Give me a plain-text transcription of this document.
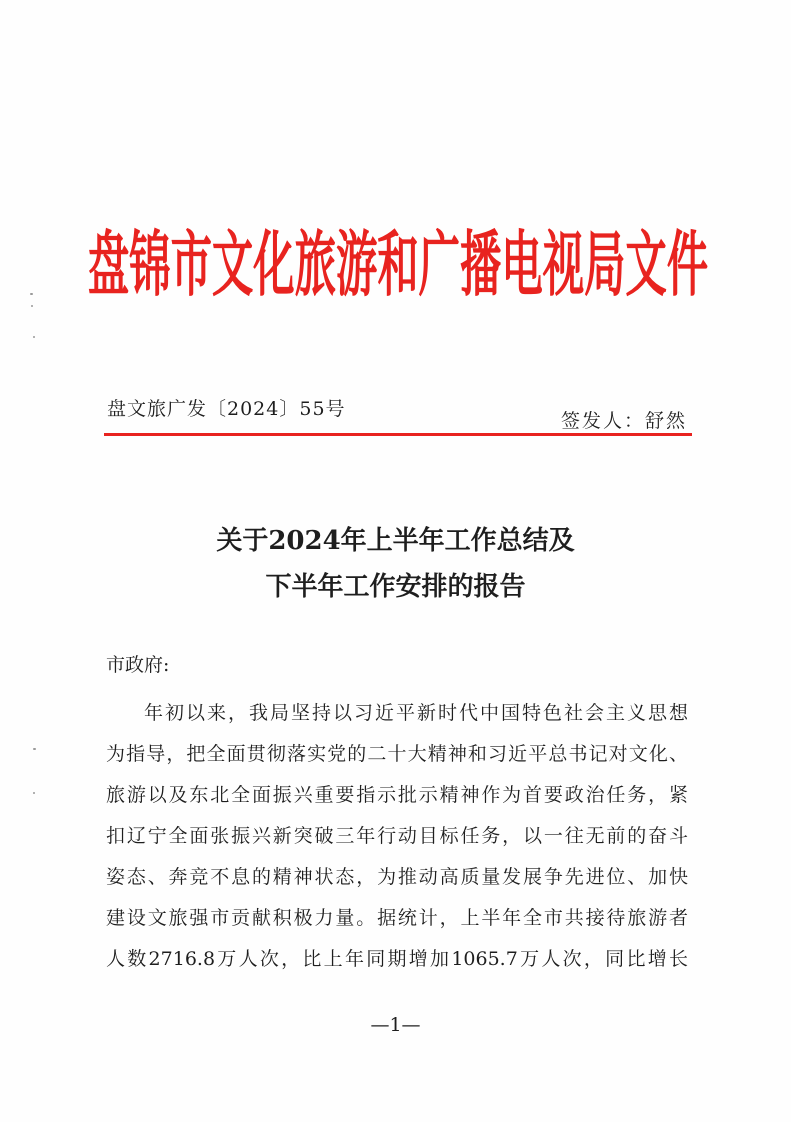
盘锦市文化旅游和广播电视局文件
盘文旅广发〔2024〕55号
签发人：舒然
关于2024年上半年工作总结及
下半年工作安排的报告
市政府:
年初以来，我局坚持以习近平新时代中国特色社会主义思想
为指导，把全面贯彻落实党的二十大精神和习近平总书记对文化、
旅游以及东北全面振兴重要指示批示精神作为首要政治任务，紧
扣辽宁全面张振兴新突破三年行动目标任务，以一往无前的奋斗
姿态、奔竞不息的精神状态，为推动高质量发展争先进位、加快
建设文旅强市贡献积极力量。据统计，上半年全市共接待旅游者
人数2716.8万人次，比上年同期增加1065.7万人次，同比增长
—1—
